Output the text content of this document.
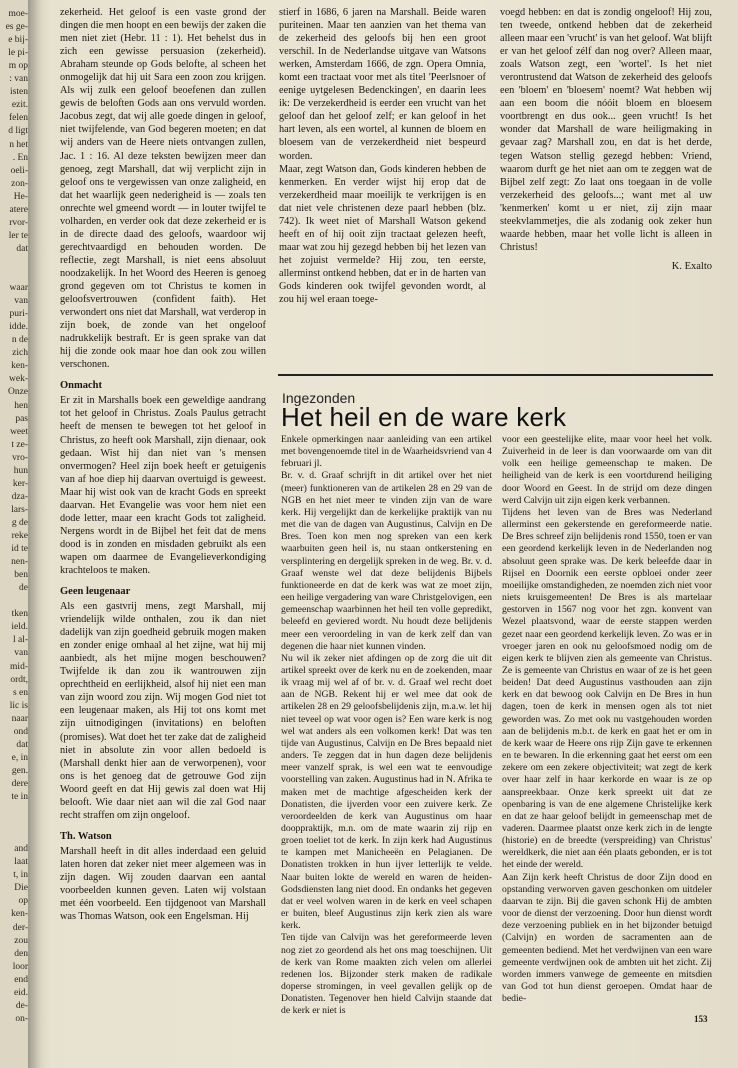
moe-
es ge-
e bij-
le pi-
m op
: van
isten
ezit.
felen
d ligt
n het
. En
oeli-
zon-
He-
atere
rvor-
ler te
dat
waar
van
puri-
idde.
n de
zich
ken-
wek-
Onze
hen
pas
weet
t ze-
vro-
hun
ker-
dza-
lars-
g de
reke
id te
nen-
ben
de
tken
ield.
l al-
van
mid-
ordt,
s en
lic is
naar
ond
dat
e, in
gen.
dere
te in
and
laat
t, in
Die
op
ken-
der-
zou
den
loor
end
eid.
de-
on-

zekerheid. Het geloof is een vaste grond der dingen die men hoopt en een bewijs der zaken die men niet ziet (Hebr. 11 : 1). Het behelst dus in zich een gewisse persuasion (zekerheid). Abraham steunde op Gods belofte, al scheen het onmogelijk dat hij uit Sara een zoon zou krijgen. Als wij zulk een geloof beoefenen dan zullen gewis de beloften Gods aan ons vervuld worden. Jacobus zegt, dat wij alle goede dingen in geloof, niet twijfelende, van God begeren moeten; en dat wij anders van de Heere niets ontvangen zullen, Jac. 1 : 16. Al deze teksten bewijzen meer dan genoeg, zegt Marshall, dat wij verplicht zijn in geloof ons te vergewissen van onze zaligheid, en dat het waarlijk geen nederigheid is — zoals ten onrechte wel gmeend wordt — in louter twijfel te volharden, en verder ook dat deze zekerheid er is in de directe daad des geloofs, waardoor wij gerechtvaardigd en behouden worden. De reflectie, zegt Marshall, is niet eens absoluut noodzakelijk. In het Woord des Heeren is genoeg grond gegeven om tot Christus te komen in geloofsvertrouwen (confident faith). Het verwondert ons niet dat Marshall, wat verderop in zijn boek, de zonde van het ongeloof nadrukkelijk bestraft. Er is geen sprake van dat hij die zonde ook maar hoe dan ook zou willen verschonen.

Onmacht

Er zit in Marshalls boek een geweldige aandrang tot het geloof in Christus. Zoals Paulus getracht heeft de mensen te bewegen tot het geloof in Christus, zo heeft ook Marshall, zijn dienaar, ook gedaan. Wist hij dan niet van 's mensen onvermogen? Heel zijn boek heeft er getuigenis van af hoe diep hij daarvan overtuigd is geweest. Maar hij wist ook van de kracht Gods en spreekt daarvan. Het Evangelie was voor hem niet een dode letter, maar een kracht Gods tot zaligheid. Nergens wordt in de Bijbel het feit dat de mens dood is in zonden en misdaden gebruikt als een wapen om daarmee de Evangelieverkondiging krachteloos te maken.

Geen leugenaar

Als een gastvrij mens, zegt Marshall, mij vriendelijk wilde onthalen, zou ik dan niet dadelijk van zijn goedheid gebruik mogen maken en zonder enige omhaal al het zijne, wat hij mij aanbiedt, als het mijne mogen beschouwen? Twijfelde ik dan zou ik wantrouwen zijn oprechtheid en eerlijkheid, alsof hij niet een man van zijn woord zou zijn. Wij mogen God niet tot een leugenaar maken, als Hij tot ons komt met zijn uitnodigingen (invitations) en beloften (promises). Wat doet het ter zake dat de zaligheid niet in absolute zin voor allen bedoeld is (Marshall denkt hier aan de verworpenen), voor ons is het genoeg dat de getrouwe God zijn Woord geeft en dat Hij gewis zal doen wat Hij belooft. Wie daar niet aan wil die zal God naar recht straffen om zijn ongeloof.

Th. Watson

Marshall heeft in dit alles inderdaad een geluid laten horen dat zeker niet meer algemeen was in zijn dagen. Wij zouden daarvan een aantal voorbeelden kunnen geven. Laten wij volstaan met één voorbeeld. Een tijdgenoot van Marshall was Thomas Watson, ook een Engelsman. Hij

stierf in 1686, 6 jaren na Marshall. Beide waren puriteinen. Maar ten aanzien van het thema van de zekerheid des geloofs bij hen een groot verschil. In de Nederlandse uitgave van Watsons werken, Amsterdam 1666, de zgn. Opera Omnia, komt een tractaat voor met als titel 'Peerlsnoer of eenige uytgelesen Bedenckingen', en daarin lees ik: De verzekerdheid is eerder een vrucht van het geloof dan het geloof zelf; er kan geloof in het hart leven, als een wortel, al kunnen de bloem en bloesem van de verzekerdheid niet bespeurd worden.

Maar, zegt Watson dan, Gods kinderen hebben de kenmerken. En verder wijst hij erop dat de verzekerdheid maar moeilijk te verkrijgen is en dat niet vele christenen deze paarl hebben (blz. 742). Ik weet niet of Marshall Watson gekend heeft en of hij ooit zijn tractaat gelezen heeft, maar wat zou hij gezegd hebben bij het lezen van het zojuist vermelde? Hij zou, ten eerste, allerminst ontkend hebben, dat er in de harten van Gods kinderen ook twijfel gevonden wordt, al zou hij wel eraan toege-

voegd hebben: en dat is zondig ongeloof! Hij zou, ten tweede, ontkend hebben dat de zekerheid alleen maar een 'vrucht' is van het geloof. Wat blijft er van het geloof zélf dan nog over? Alleen maar, zoals Watson zegt, een 'wortel'. Is het niet verontrustend dat Watson de zekerheid des geloofs een 'bloem' en 'bloesem' noemt? Wat hebben wij aan een boom die nóóit bloem en bloesem voortbrengt en dus ook... geen vrucht! Is het wonder dat Marshall de ware heiligmaking in gevaar zag? Marshall zou, en dat is het derde, tegen Watson stellig gezegd hebben: Vriend, waarom durft ge het niet aan om te zeggen wat de Bijbel zelf zegt: Zo laat ons toegaan in de volle verzekerheid des geloofs...; want met al uw 'kenmerken' komt u er niet, zij zijn maar steekvlammetjes, die als zodanig ook zeker hun waarde hebben, maar het volle licht is alleen in Christus!

K. Exalto

Ingezonden
Het heil en de ware kerk

Enkele opmerkingen naar aanleiding van een artikel met bovengenoemde titel in de Waarheidsvriend van 4 februari jl.

Br. v. d. Graaf schrijft in dit artikel over het niet (meer) funktioneren van de artikelen 28 en 29 van de NGB en het niet meer te vinden zijn van de ware kerk. Hij vergelijkt dan de kerkelijke praktijk van nu met die van de dagen van Augustinus, Calvijn en De Bres. Toen kon men nog spreken van een kerk waarbuiten geen heil is, nu staan ontkerstening en versplintering en dergelijk spreken in de weg. Br. v. d. Graaf wenste wel dat deze belijdenis Bijbels funktioneerde en dat de kerk was wat ze moet zijn, een heilige vergadering van ware Christgelovigen, een gemeenschap waarbinnen het heil ten volle gepredikt, beleefd en geviered wordt. Nu houdt deze belijdenis meer een veroordeling in van de kerk zelf dan van degenen die haar niet kunnen vinden.

Nu wil ik zeker niet afdingen op de zorg die uit dit artikel spreekt over de kerk nu en de zoekenden, maar ik vraag mij wel af of br. v. d. Graaf wel recht doet aan de NGB. Rekent hij er wel mee dat ook de artikelen 28 en 29 geloofsbelijdenis zijn, m.a.w. let hij niet teveel op wat voor ogen is? Een ware kerk is nog wel wat anders als een volkomen kerk! Dat was ten tijde van Augustinus, Calvijn en De Bres bepaald niet anders. Te zeggen dat in hun dagen deze belijdenis meer vanzelf sprak, is wel een wat te eenvoudige voorstelling van zaken. Augustinus had in N. Afrika te maken met de machtige afgescheiden kerk der Donatisten, die ijverden voor een zuivere kerk. Ze veroordeelden de kerk van Augustinus om haar dooppraktijk, m.n. om de mate waarin zij rijp en groen toeliet tot de kerk. In zijn kerk had Augustinus te kampen met Manicheeën en Pelagianen. De Donatisten trokken in hun ijver letterlijk te velde. Naar buiten lokte de wereld en waren de heiden-Godsdiensten lang niet dood. En ondanks het gegeven dat er veel wolven waren in de kerk en veel schapen er buiten, bleef Augustinus zijn kerk zien als ware kerk.

Ten tijde van Calvijn was het gereformeerde leven nog ziet zo geordend als het ons mag toeschijnen. Uit de kerk van Rome maakten zich velen om allerlei redenen los. Bijzonder sterk maken de radikale doperse stromingen, in veel gevallen gelijk op de Donatisten. Tegenover hen hield Calvijn staande dat de kerk er niet is

voor een geestelijke elite, maar voor heel het volk. Zuiverheid in de leer is dan voorwaarde om van dit volk een heilige gemeenschap te maken. De heiligheid van de kerk is een voortdurend heiliging door Woord en Geest. In de strijd om deze dingen werd Calvijn uit zijn eigen kerk verbannen.

Tijdens het leven van de Bres was Nederland allerminst een gekerstende en gereformeerde natie. De Bres schreef zijn belijdenis rond 1550, toen er van een geordend kerkelijk leven in de Nederlanden nog absoluut geen sprake was. De kerk beleefde daar in Rijsel en Doornik een eerste opbloei onder zeer moeilijke omstandigheden, ze noemden zich niet voor niets kruisgemeenten! De Bres is als martelaar gestorven in 1567 nog voor het zgn. konvent van Wezel plaatsvond, waar de eerste stappen werden gezet naar een geordend kerkelijk leven. Zo was er in vroeger jaren en ook nu geloofsmoed nodig om de eigen kerk te blijven zien als gemeente van Christus. Ze is gemeente van Christus en waar of ze is het geen beiden! Dat deed Augustinus vasthouden aan zijn kerk en dat bewoog ook Calvijn en De Bres in hun dagen, toen de kerk in mensen ogen als tot niet geworden was. Zo met ook nu vastgehouden worden aan de belijdenis m.b.t. de kerk en gaat het er om in de kerk waar de Heere ons rijp Zijn gave te erkennen en te bewaren. In die erkenning gaat het eerst om een zekere om een zekere objectiviteit; wat zegt de kerk over haar zelf in haar kerkorde en waar is ze op aanspreekbaar. Onze kerk spreekt uit dat ze openbaring is van de ene algemene Christelijke kerk en dat ze haar geloof belijdt in gemeenschap met de vaderen. Daarmee plaatst onze kerk zich in de lengte (historie) en de breedte (verspreiding) van Christus' wereldkerk, die niet aan één plaats gebonden, er is tot het einde der wereld.

Aan Zijn kerk heeft Christus de door Zijn dood en opstanding verworven gaven geschonken om uitdeler daarvan te zijn. Bij die gaven schonk Hij de ambten voor de dienst der verzoening. Door hun dienst wordt deze verzoening publiek en in het bijzonder betuigd (Calvijn) en worden de sacramenten aan de gemeenten bediend. Met het verdwijnen van een ware gemeente verdwijnen ook de ambten uit het zicht. Zij worden immers vanwege de gemeente en mitsdien van God tot hun dienst geroepen. Omdat haar de bedie-

153
